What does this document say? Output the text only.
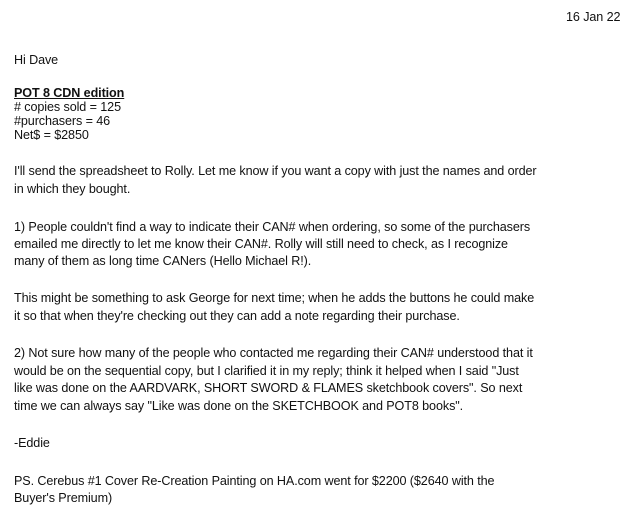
16 Jan 22
Hi Dave
POT 8 CDN edition
# copies sold = 125
#purchasers = 46
Net$ = $2850
I'll send the spreadsheet to Rolly. Let me know if you want a copy with just the names and order
in which they bought.
1) People couldn't find a way to indicate their CAN# when ordering, so some of the purchasers
emailed me directly to let me know their CAN#. Rolly will still need to check, as I recognize
many of them as long time CANers (Hello Michael R!).
This might be something to ask George for next time; when he adds the buttons he could make
it so that when they're checking out they can add a note regarding their purchase.
2) Not sure how many of the people who contacted me regarding their CAN# understood that it
would be on the sequential copy, but I clarified it in my reply; think it helped when I said "Just
like was done on the AARDVARK, SHORT SWORD & FLAMES sketchbook covers". So next
time we can always say "Like was done on the SKETCHBOOK and POT8 books".
-Eddie
PS. Cerebus #1 Cover Re-Creation Painting on HA.com went for $2200 ($2640 with the
Buyer's Premium)
